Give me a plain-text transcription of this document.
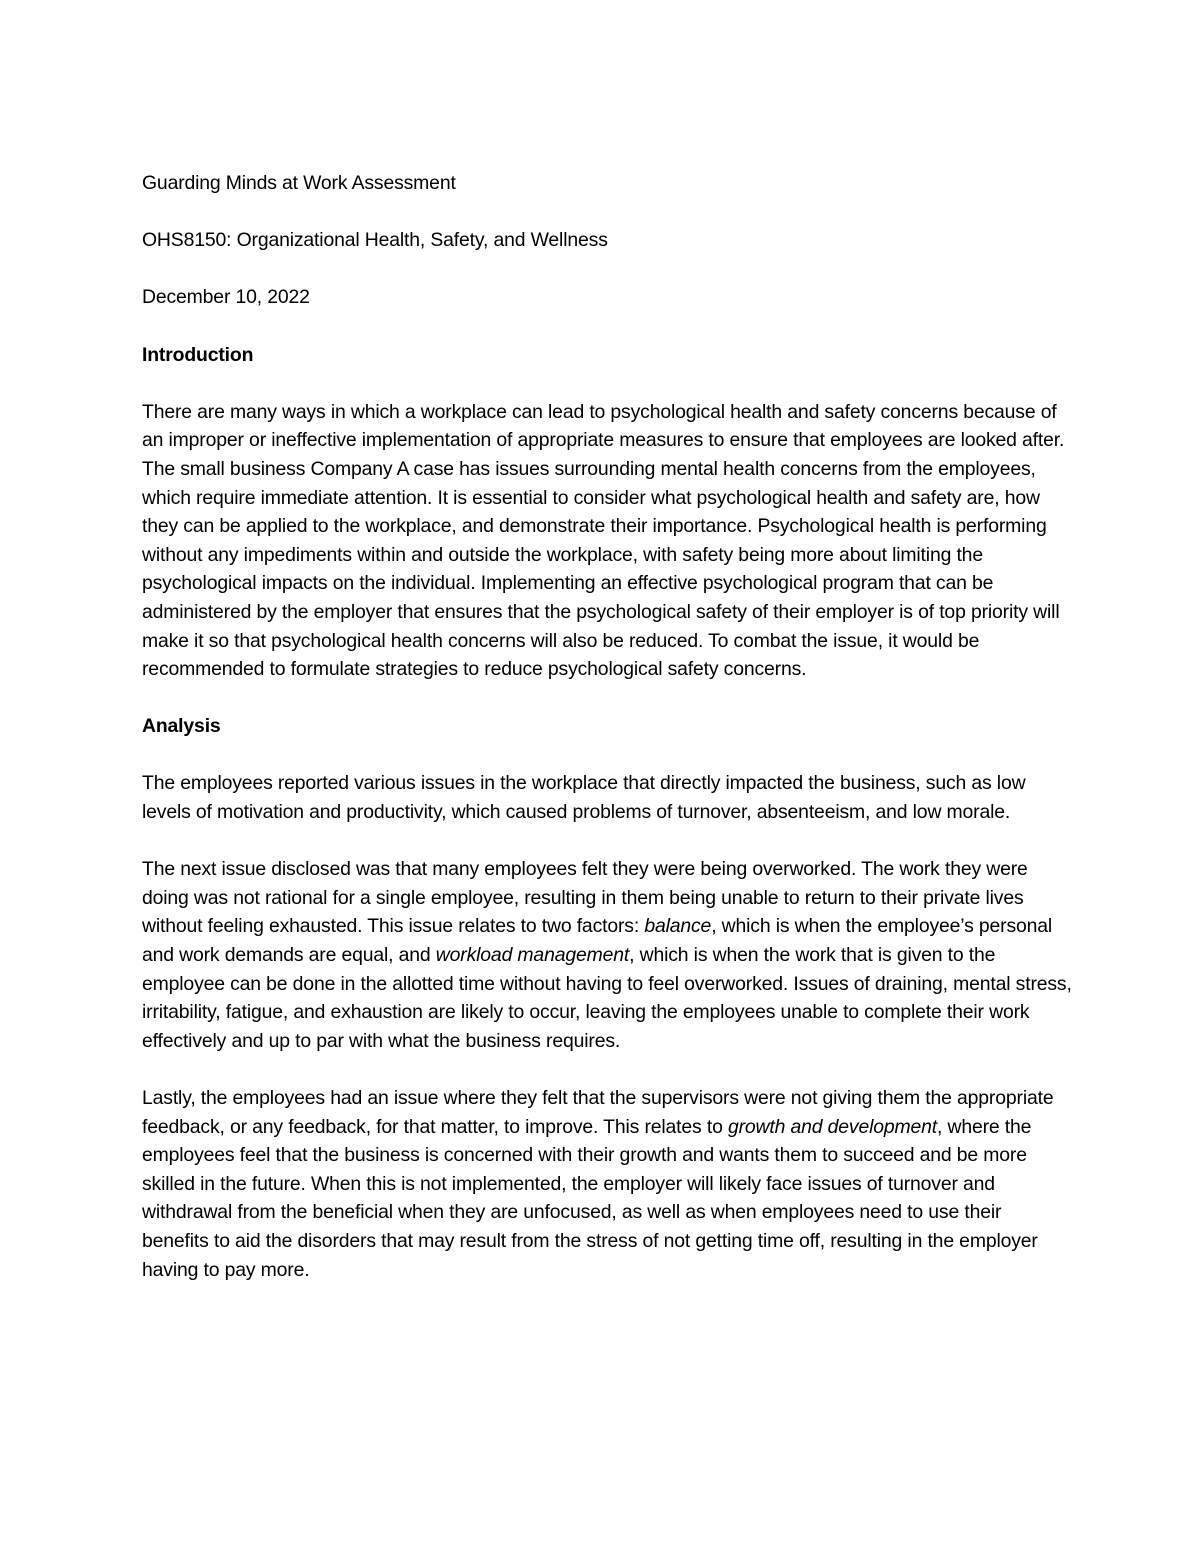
Guarding Minds at Work Assessment

OHS8150: Organizational Health, Safety, and Wellness

December 10, 2022

Introduction

There are many ways in which a workplace can lead to psychological health and safety concerns because of an improper or ineffective implementation of appropriate measures to ensure that employees are looked after. The small business Company A case has issues surrounding mental health concerns from the employees, which require immediate attention. It is essential to consider what psychological health and safety are, how they can be applied to the workplace, and demonstrate their importance. Psychological health is performing without any impediments within and outside the workplace, with safety being more about limiting the psychological impacts on the individual. Implementing an effective psychological program that can be administered by the employer that ensures that the psychological safety of their employer is of top priority will make it so that psychological health concerns will also be reduced. To combat the issue, it would be recommended to formulate strategies to reduce psychological safety concerns.

Analysis

The employees reported various issues in the workplace that directly impacted the business, such as low levels of motivation and productivity, which caused problems of turnover, absenteeism, and low morale.

The next issue disclosed was that many employees felt they were being overworked. The work they were doing was not rational for a single employee, resulting in them being unable to return to their private lives without feeling exhausted. This issue relates to two factors: balance, which is when the employee’s personal and work demands are equal, and workload management, which is when the work that is given to the employee can be done in the allotted time without having to feel overworked. Issues of draining, mental stress, irritability, fatigue, and exhaustion are likely to occur, leaving the employees unable to complete their work effectively and up to par with what the business requires.

Lastly, the employees had an issue where they felt that the supervisors were not giving them the appropriate feedback, or any feedback, for that matter, to improve. This relates to growth and development, where the employees feel that the business is concerned with their growth and wants them to succeed and be more skilled in the future. When this is not implemented, the employer will likely face issues of turnover and withdrawal from the beneficial when they are unfocused, as well as when employees need to use their benefits to aid the disorders that may result from the stress of not getting time off, resulting in the employer having to pay more.
